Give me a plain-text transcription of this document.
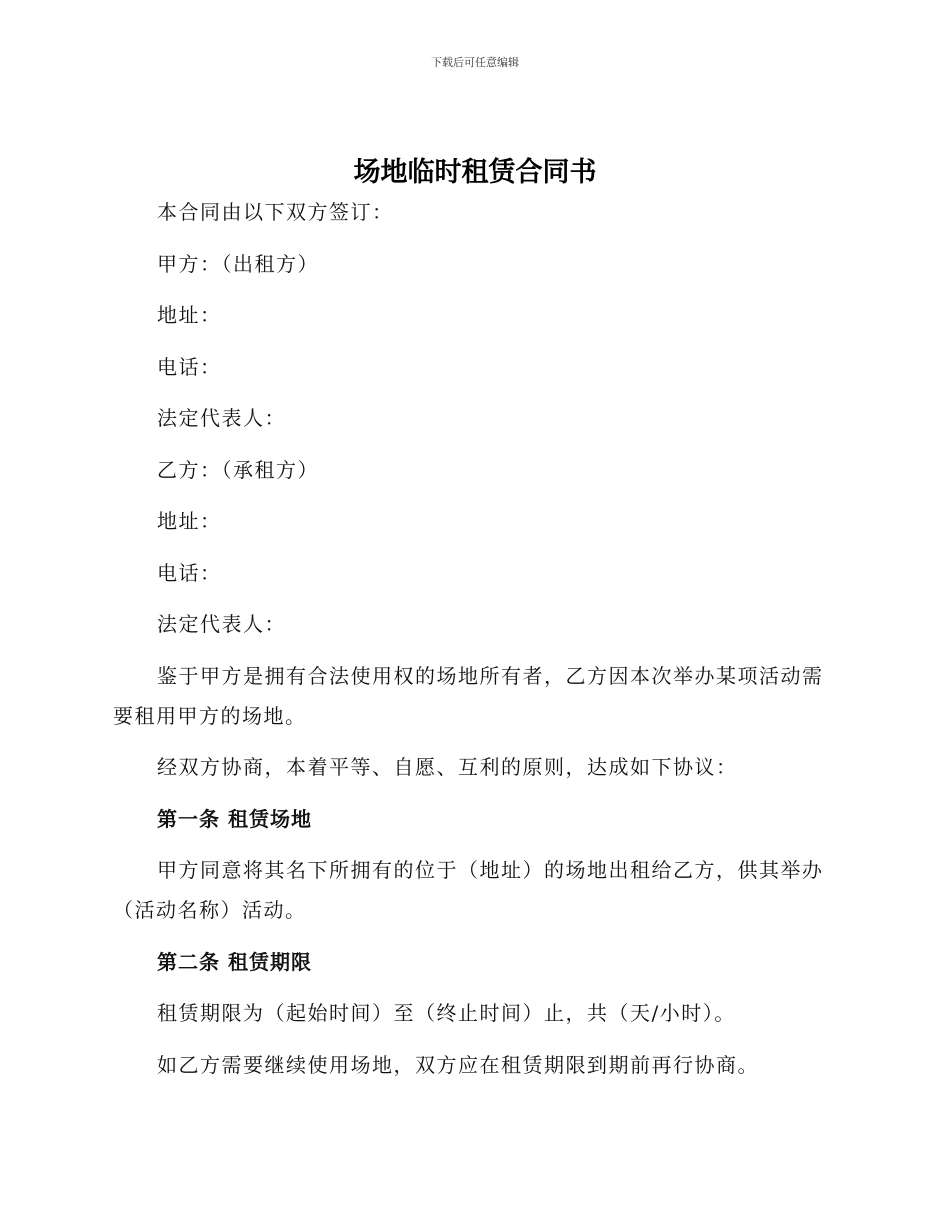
下载后可任意编辑
场地临时租赁合同书

本合同由以下双方签订：

甲方：（出租方）

地址：

电话：

法定代表人：

乙方：（承租方）

地址：

电话：

法定代表人：

鉴于甲方是拥有合法使用权的场地所有者，乙方因本次举办某项活动需要租用甲方的场地。

经双方协商，本着平等、自愿、互利的原则，达成如下协议：

第一条 租赁场地

甲方同意将其名下所拥有的位于（地址）的场地出租给乙方，供其举办（活动名称）活动。

第二条 租赁期限

租赁期限为（起始时间）至（终止时间）止，共（天/小时）。

如乙方需要继续使用场地，双方应在租赁期限到期前再行协商。
